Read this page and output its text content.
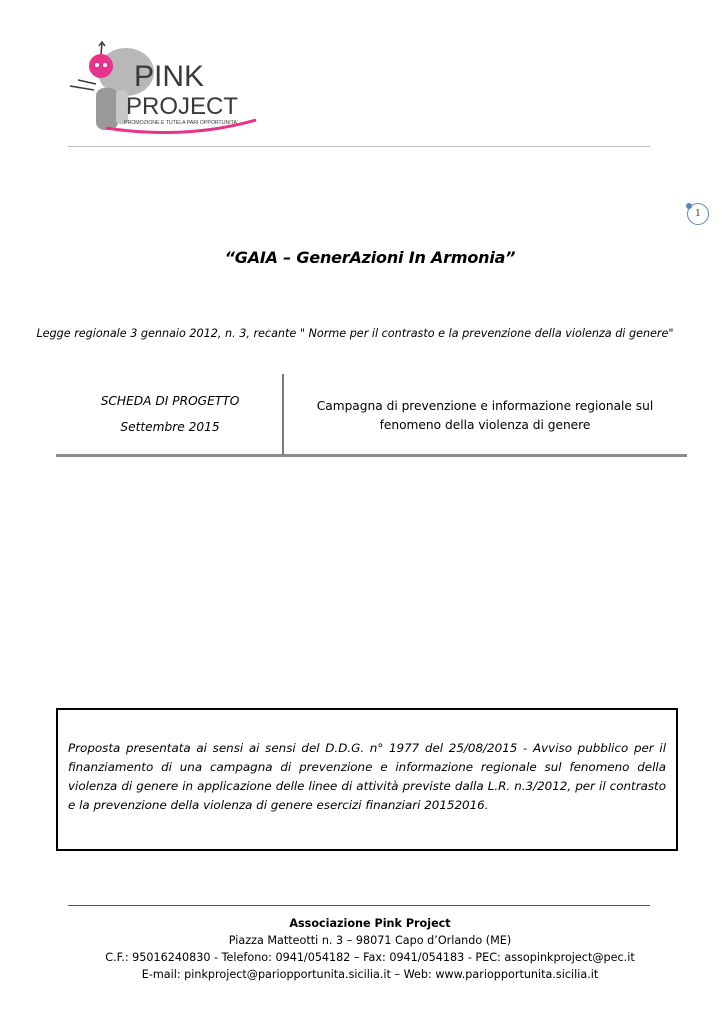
PINK
PROJECT
PROMOZIONE E TUTELA PARI OPPORTUNITA'
1
“GAIA – GenerAzioni In Armonia”
Legge regionale 3 gennaio 2012, n. 3, recante " Norme per il contrasto e la prevenzione della violenza di genere"
SCHEDA DI PROGETTO
Settembre 2015
Campagna di prevenzione e informazione regionale sul
fenomeno della violenza di genere
Proposta presentata ai sensi ai sensi del D.D.G. n° 1977 del 25/08/2015 - Avviso pubblico per il finanziamento di una campagna di prevenzione e informazione regionale sul fenomeno della violenza di genere in applicazione delle linee di attività previste dalla L.R. n.3/2012, per il contrasto e la prevenzione della violenza di genere esercizi finanziari 20152016.
Associazione Pink Project
Piazza Matteotti n. 3 – 98071 Capo d’Orlando (ME)
C.F.: 95016240830 - Telefono: 0941/054182 – Fax: 0941/054183 - PEC: assopinkproject@pec.it
E-mail: pinkproject@pariopportunita.sicilia.it – Web: www.pariopportunita.sicilia.it
